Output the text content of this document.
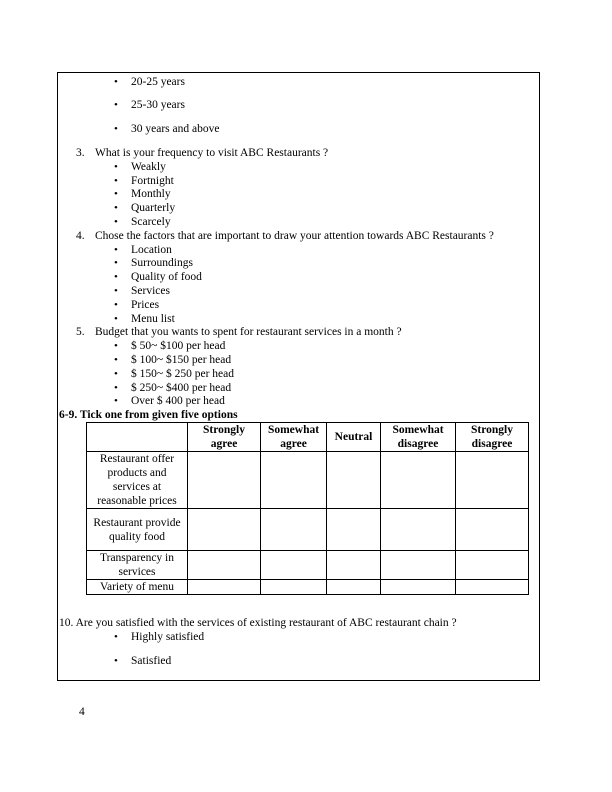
• 20-25 years
• 25-30 years
• 30 years and above
3. What is your frequency to visit ABC Restaurants ?
• Weakly
• Fortnight
• Monthly
• Quarterly
• Scarcely
4. Chose the factors that are important to draw your attention towards ABC Restaurants ?
• Location
• Surroundings
• Quality of food
• Services
• Prices
• Menu list
5. Budget that you wants to spent for restaurant services in a month ?
• $ 50~ $100 per head
• $ 100~ $150 per head
• $ 150~ $ 250 per head
• $ 250~ $400 per head
• Over $ 400 per head
6-9. Tick one from given five options
	Strongly agree	Somewhat agree	Neutral	Somewhat disagree	Strongly disagree
Restaurant offer products and services at reasonable prices					
Restaurant provide quality food					
Transparency in services					
Variety of menu					
10. Are you satisfied with the services of existing restaurant of ABC restaurant chain ?
• Highly satisfied
• Satisfied
4
